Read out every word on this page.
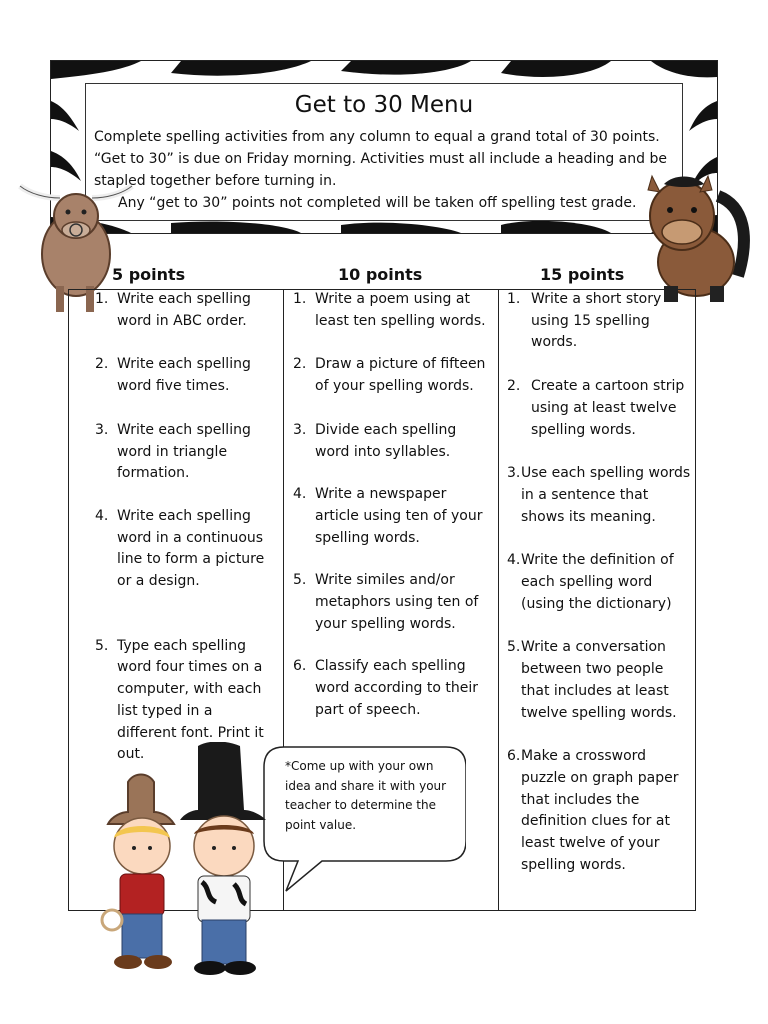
Get to 30 Menu

Complete spelling activities from any column to equal a grand total of 30 points.

“Get to 30” is due on Friday morning. Activities must all include a heading and be stapled together before turning in.

Any “get to 30” points not completed will be taken off spelling test grade.

5 points	10 points	15 points
1. Write each spelling word in ABC order.
2. Write each spelling word five times.
3. Write each spelling word in triangle formation.
4. Write each spelling word in a continuous line to form a picture or a design.
5. Type each spelling word four times on a computer, with each list typed in a different font. Print it out.
1. Write a poem using at least ten spelling words.
2. Draw a picture of fifteen of your spelling words.
3. Divide each spelling word into syllables.
4. Write a newspaper article using ten of your spelling words.
5. Write similes and/or metaphors using ten of your spelling words.
6. Classify each spelling word according to their part of speech.
1. Write a short story using 15 spelling words.
2. Create a cartoon strip using at least twelve spelling words.
3. Use each spelling words in a sentence that shows its meaning.
4. Write the definition of each spelling word (using the dictionary)
5. Write a conversation between two people that includes at least twelve spelling words.
6. Make a crossword puzzle on graph paper that includes the definition clues for at least twelve of your spelling words.
*Come up with your own idea and share it with your teacher to determine the point value.
